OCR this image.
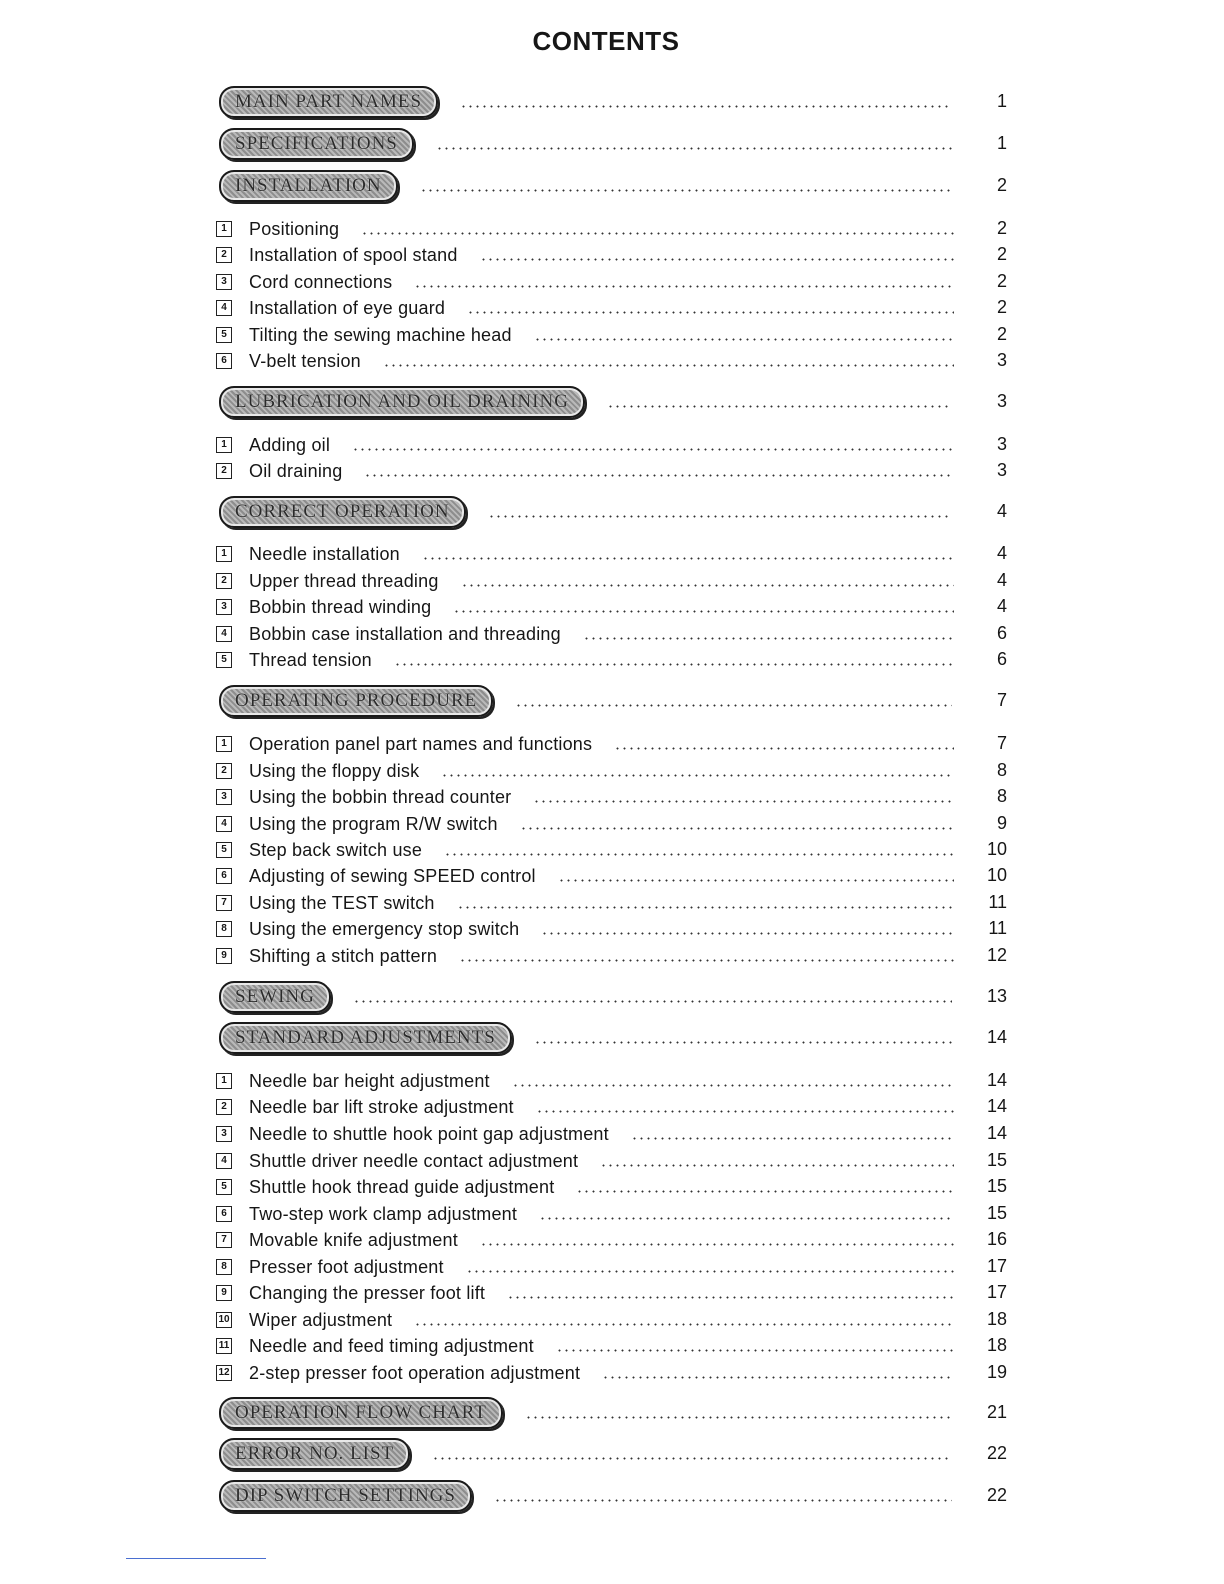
CONTENTS
MAIN PART NAMES	1
SPECIFICATIONS	1
INSTALLATION	2
1 Positioning	2
2 Installation of spool stand	2
3 Cord connections	2
4 Installation of eye guard	2
5 Tilting the sewing machine head	2
6 V-belt tension	3
LUBRICATION AND OIL DRAINING	3
1 Adding oil	3
2 Oil draining	3
CORRECT OPERATION	4
1 Needle installation	4
2 Upper thread threading	4
3 Bobbin thread winding	4
4 Bobbin case installation and threading	6
5 Thread tension	6
OPERATING PROCEDURE	7
1 Operation panel part names and functions	7
2 Using the floppy disk	8
3 Using the bobbin thread counter	8
4 Using the program R/W switch	9
5 Step back switch use	10
6 Adjusting of sewing SPEED control	10
7 Using the TEST switch	11
8 Using the emergency stop switch	11
9 Shifting a stitch pattern	12
SEWING	13
STANDARD ADJUSTMENTS	14
1 Needle bar height adjustment	14
2 Needle bar lift stroke adjustment	14
3 Needle to shuttle hook point gap adjustment	14
4 Shuttle driver needle contact adjustment	15
5 Shuttle hook thread guide adjustment	15
6 Two-step work clamp adjustment	15
7 Movable knife adjustment	16
8 Presser foot adjustment	17
9 Changing the presser foot lift	17
10 Wiper adjustment	18
11 Needle and feed timing adjustment	18
12 2-step presser foot operation adjustment	19
OPERATION FLOW CHART	21
ERROR NO. LIST	22
DIP SWITCH SETTINGS	22
